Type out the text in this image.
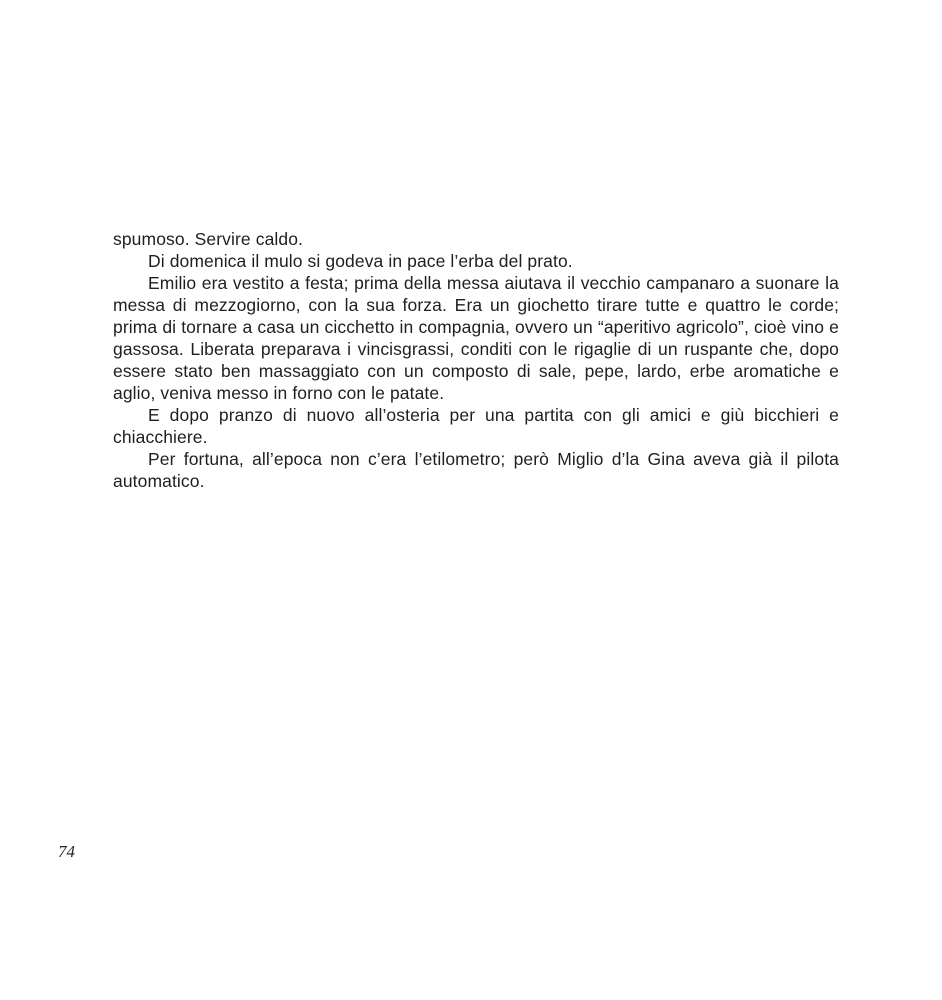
spumoso. Servire caldo.

Di domenica il mulo si godeva in pace l’erba del prato.

Emilio era vestito a festa; prima della messa aiutava il vecchio campanaro a suonare la messa di mezzogiorno, con la sua forza. Era un giochetto tirare tutte e quattro le corde; prima di tornare a casa un cicchetto in compagnia, ovvero un “aperitivo agricolo”, cioè vino e gassosa. Liberata preparava i vincisgrassi, conditi con le rigaglie di un ruspante che, dopo essere stato ben massaggiato con un composto di sale, pepe, lardo, erbe aromatiche e aglio, veniva messo in forno con le patate.

E dopo pranzo di nuovo all’osteria per una partita con gli amici e giù bicchieri e chiacchiere.

Per fortuna, all’epoca non c’era l’etilometro; però Miglio d’la Gina aveva già il pilota automatico.

74
